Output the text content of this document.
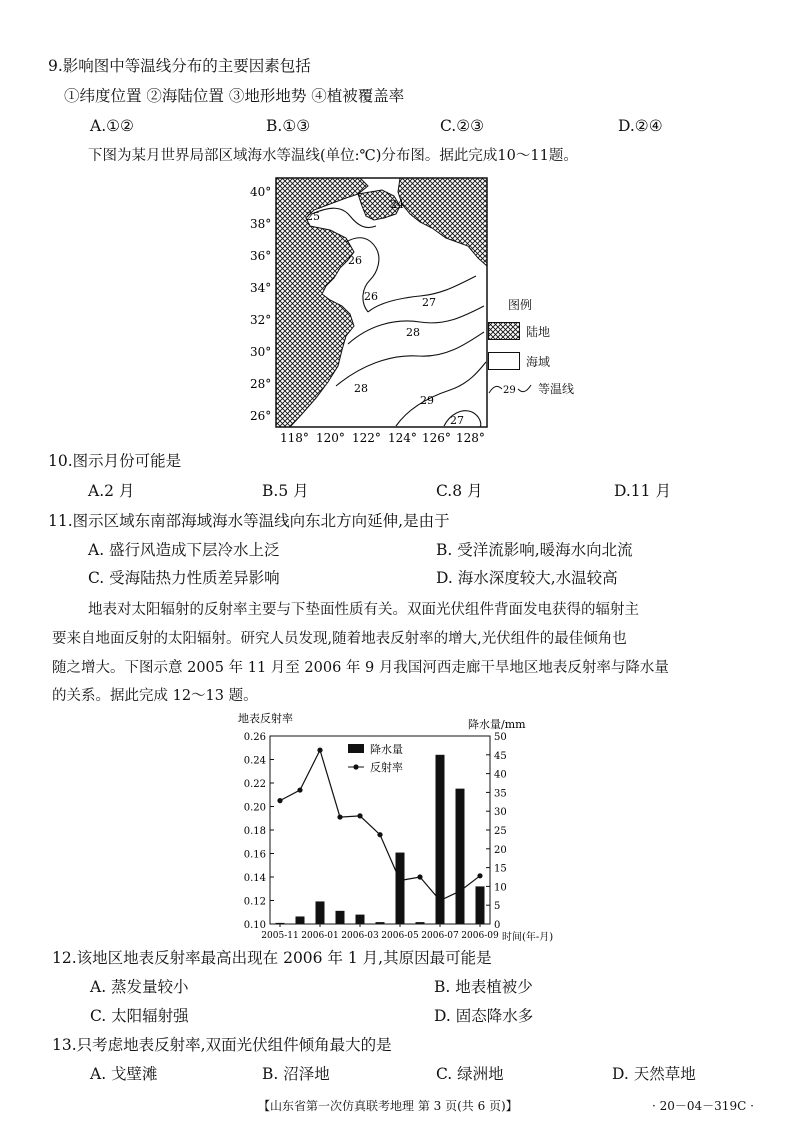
9.影响图中等温线分布的主要因素包括
①纬度位置 ②海陆位置 ③地形地势 ④植被覆盖率
A.①②	B.①③	C.②③	D.②④
下图为某月世界局部区域海水等温线(单位:℃)分布图。据此完成10～11题。
24
25
26
26	27
28
28
29
27
40°
38°
36°
34°
32°
30°
28°
26°
118° 120° 122° 124° 126° 128°
图例
陆地
海域
29 等温线
10.图示月份可能是
A.2 月	B.5 月	C.8 月	D.11 月
11.图示区域东南部海域海水等温线向东北方向延伸,是由于
A. 盛行风造成下层冷水上泛	B. 受洋流影响,暖海水向北流
C. 受海陆热力性质差异影响	D. 海水深度较大,水温较高
地表对太阳辐射的反射率主要与下垫面性质有关。双面光伏组件背面发电获得的辐射主
要来自地面反射的太阳辐射。研究人员发现,随着地表反射率的增大,光伏组件的最佳倾角也
随之增大。下图示意 2005 年 11 月至 2006 年 9 月我国河西走廊干旱地区地表反射率与降水量
的关系。据此完成 12～13 题。
地表反射率	降水量/mm
时间(年-月)
降水量
反射率
0.26
0.24
0.22
0.20
0.18
0.16
0.14
0.12
0.10
50
45
40
35
30
25
20
15
10
5
0
2005-11 2006-01 2006-03 2006-05 2006-07 2006-09
12.该地区地表反射率最高出现在 2006 年 1 月,其原因最可能是
A. 蒸发量较小	B. 地表植被少
C. 太阳辐射强	D. 固态降水多
13.只考虑地表反射率,双面光伏组件倾角最大的是
A. 戈壁滩	B. 沼泽地	C. 绿洲地	D. 天然草地
【山东省第一次仿真联考地理 第 3 页(共 6 页)】	· 20－04－319C ·
